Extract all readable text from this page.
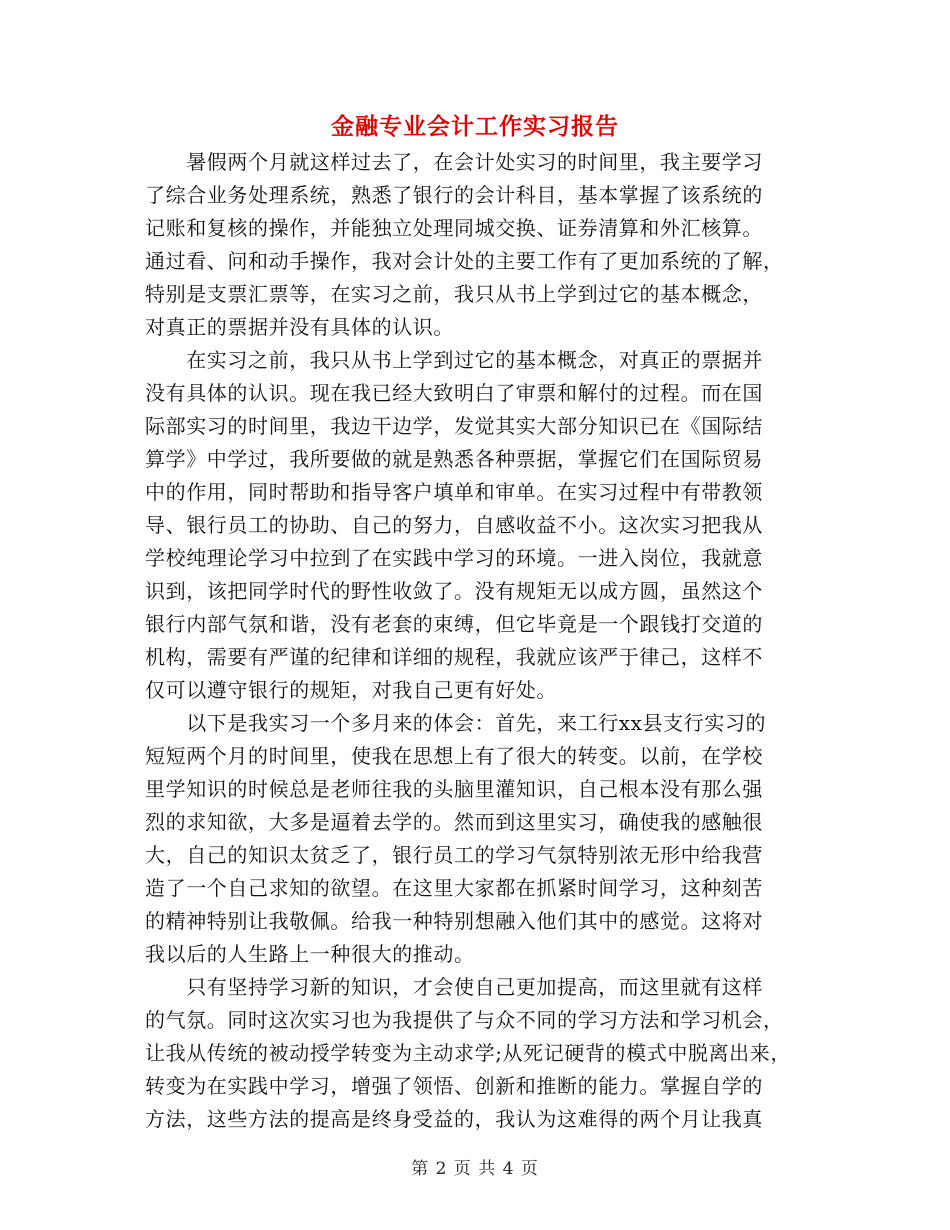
金融专业会计工作实习报告
　　暑假两个月就这样过去了，在会计处实习的时间里，我主要学习
了综合业务处理系统，熟悉了银行的会计科目，基本掌握了该系统的
记账和复核的操作，并能独立处理同城交换、证券清算和外汇核算。
通过看、问和动手操作，我对会计处的主要工作有了更加系统的了解，
特别是支票汇票等，在实习之前，我只从书上学到过它的基本概念，
对真正的票据并没有具体的认识。
　　在实习之前，我只从书上学到过它的基本概念，对真正的票据并
没有具体的认识。现在我已经大致明白了审票和解付的过程。而在国
际部实习的时间里，我边干边学，发觉其实大部分知识已在《国际结
算学》中学过，我所要做的就是熟悉各种票据，掌握它们在国际贸易
中的作用，同时帮助和指导客户填单和审单。在实习过程中有带教领
导、银行员工的协助、自己的努力，自感收益不小。这次实习把我从
学校纯理论学习中拉到了在实践中学习的环境。一进入岗位，我就意
识到，该把同学时代的野性收敛了。没有规矩无以成方圆，虽然这个
银行内部气氛和谐，没有老套的束缚，但它毕竟是一个跟钱打交道的
机构，需要有严谨的纪律和详细的规程，我就应该严于律己，这样不
仅可以遵守银行的规矩，对我自己更有好处。
　　以下是我实习一个多月来的体会：首先，来工行xx县支行实习的
短短两个月的时间里，使我在思想上有了很大的转变。以前，在学校
里学知识的时候总是老师往我的头脑里灌知识，自己根本没有那么强
烈的求知欲，大多是逼着去学的。然而到这里实习，确使我的感触很
大，自己的知识太贫乏了，银行员工的学习气氛特别浓无形中给我营
造了一个自己求知的欲望。在这里大家都在抓紧时间学习，这种刻苦
的精神特别让我敬佩。给我一种特别想融入他们其中的感觉。这将对
我以后的人生路上一种很大的推动。
　　只有坚持学习新的知识，才会使自己更加提高，而这里就有这样
的气氛。同时这次实习也为我提供了与众不同的学习方法和学习机会，
让我从传统的被动授学转变为主动求学;从死记硬背的模式中脱离出来，
转变为在实践中学习，增强了领悟、创新和推断的能力。掌握自学的
方法，这些方法的提高是终身受益的，我认为这难得的两个月让我真
第 2 页 共 4 页
